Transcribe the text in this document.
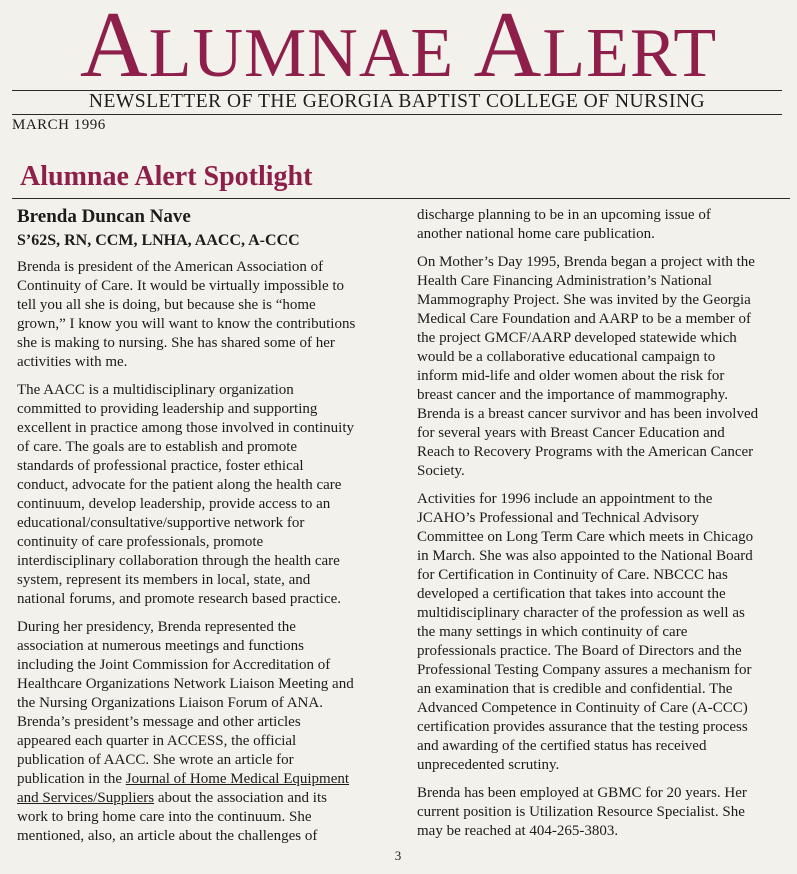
ALUMNAE ALERT
NEWSLETTER OF THE GEORGIA BAPTIST COLLEGE OF NURSING
MARCH 1996
Alumnae Alert Spotlight
Brenda Duncan Nave
S’62S, RN, CCM, LNHA, AACC, A-CCC

Brenda is president of the American Association of
Continuity of Care. It would be virtually impossible to
tell you all she is doing, but because she is “home
grown,” I know you will want to know the contributions
she is making to nursing. She has shared some of her
activities with me.

The AACC is a multidisciplinary organization
committed to providing leadership and supporting
excellent in practice among those involved in continuity
of care. The goals are to establish and promote
standards of professional practice, foster ethical
conduct, advocate for the patient along the health care
continuum, develop leadership, provide access to an
educational/consultative/supportive network for
continuity of care professionals, promote
interdisciplinary collaboration through the health care
system, represent its members in local, state, and
national forums, and promote research based practice.

During her presidency, Brenda represented the
association at numerous meetings and functions
including the Joint Commission for Accreditation of
Healthcare Organizations Network Liaison Meeting and
the Nursing Organizations Liaison Forum of ANA.
Brenda’s president’s message and other articles
appeared each quarter in ACCESS, the official
publication of AACC. She wrote an article for
publication in the Journal of Home Medical Equipment
and Services/Suppliers about the association and its
work to bring home care into the continuum. She
mentioned, also, an article about the challenges of

discharge planning to be in an upcoming issue of
another national home care publication.

On Mother’s Day 1995, Brenda began a project with the
Health Care Financing Administration’s National
Mammography Project. She was invited by the Georgia
Medical Care Foundation and AARP to be a member of
the project GMCF/AARP developed statewide which
would be a collaborative educational campaign to
inform mid-life and older women about the risk for
breast cancer and the importance of mammography.
Brenda is a breast cancer survivor and has been involved
for several years with Breast Cancer Education and
Reach to Recovery Programs with the American Cancer
Society.

Activities for 1996 include an appointment to the
JCAHO’s Professional and Technical Advisory
Committee on Long Term Care which meets in Chicago
in March. She was also appointed to the National Board
for Certification in Continuity of Care. NBCCC has
developed a certification that takes into account the
multidisciplinary character of the profession as well as
the many settings in which continuity of care
professionals practice. The Board of Directors and the
Professional Testing Company assures a mechanism for
an examination that is credible and confidential. The
Advanced Competence in Continuity of Care (A-CCC)
certification provides assurance that the testing process
and awarding of the certified status has received
unprecedented scrutiny.

Brenda has been employed at GBMC for 20 years. Her
current position is Utilization Resource Specialist. She
may be reached at 404-265-3803.

3
